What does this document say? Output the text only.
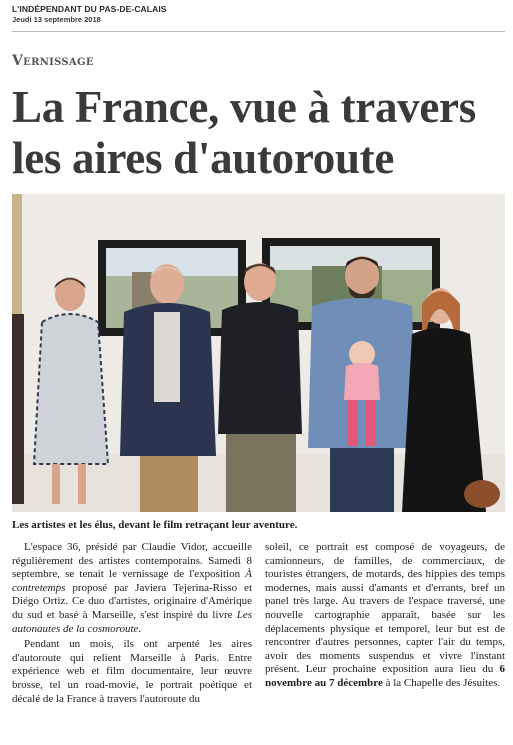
L'INDÉPENDANT DU PAS-DE-CALAIS
Jeudi 13 septembre 2018
Vernissage
La France, vue à travers
les aires d'autoroute
Les artistes et les élus, devant le film retraçant leur aventure.

L'espace 36, présidé par Claudie Vidor, accueille régulièrement des artistes contemporains. Samedi 8 septembre, se tenait le vernissage de l'exposition À contretemps proposé par Javiera Tejerina-Risso et Diégo Ortiz. Ce duo d'artistes, originaire d'Amérique du sud et basé à Marseille, s'est inspiré du livre Les autonautes de la cosmoroute.

Pendant un mois, ils ont arpenté les aires d'autoroute qui relient Marseille à Paris. Entre expérience web et film documentaire, leur œuvre brosse, tel un road-movie, le portrait poétique et décalé de la France à travers l'autoroute du

soleil, ce portrait est composé de voyageurs, de camionneurs, de familles, de commerciaux, de touristes étrangers, de motards, des hippies des temps modernes, mais aussi d'amants et d'errants, bref un panel très large. Au travers de l'espace traversé, une nouvelle cartographie apparaît, basée sur les déplacements physique et temporel, leur but est de rencontrer d'autres personnes, capter l'air du temps, avoir des moments suspendus et vivre l'instant présent. Leur prochaine exposition aura lieu du 6 novembre au 7 décembre à la Chapelle des Jésuites.
